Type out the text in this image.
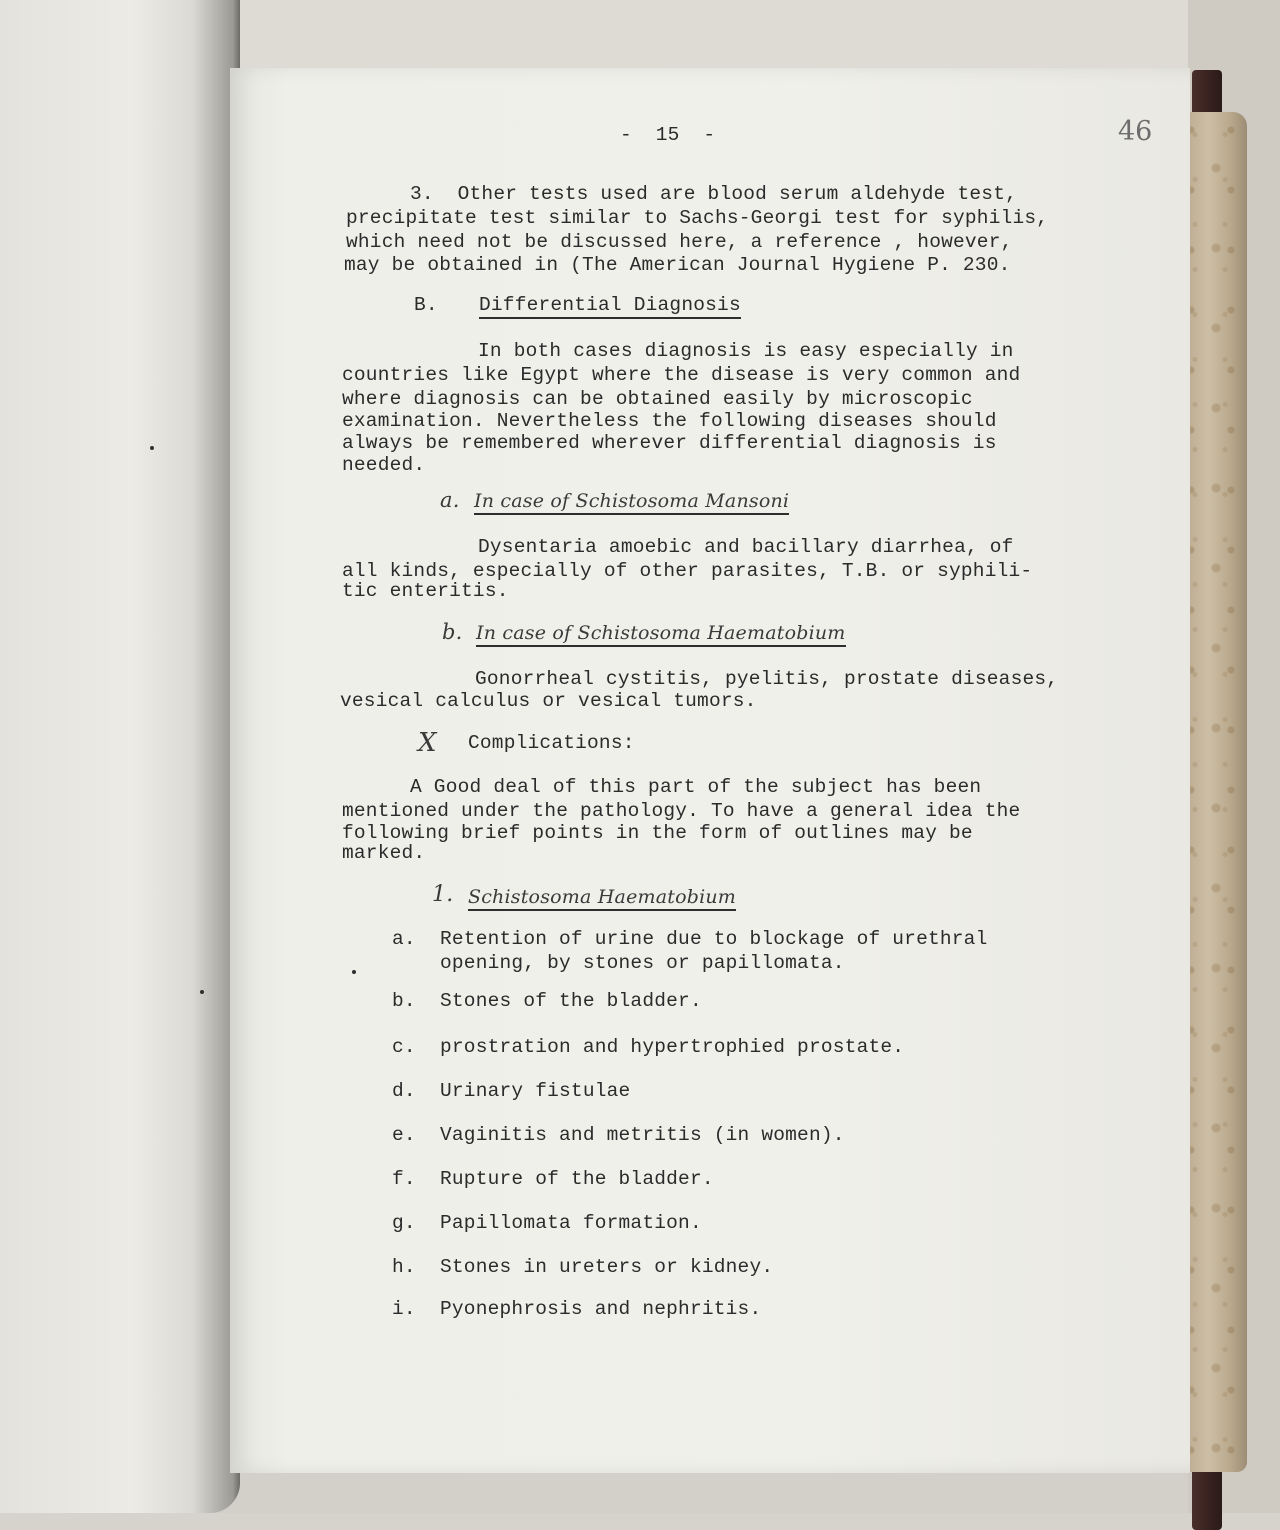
46
-  15  -
3.  Other tests used are blood serum aldehyde test,
precipitate test similar to Sachs-Georgi test for syphilis,
which need not be discussed here, a reference , however,
may be obtained in (The American Journal Hygiene P. 230.
B. Differential Diagnosis
In both cases diagnosis is easy especially in
countries like Egypt where the disease is very common and
where diagnosis can be obtained easily by microscopic
examination. Nevertheless the following diseases should
always be remembered wherever differential diagnosis is
needed.
a. In case of Schistosoma Mansoni
Dysentaria amoebic and bacillary diarrhea, of
all kinds, especially of other parasites, T.B. or syphili-
tic enteritis.
b. In case of Schistosoma Haematobium
Gonorrheal cystitis, pyelitis, prostate diseases,
vesical calculus or vesical tumors.
X Complications:
A Good deal of this part of the subject has been
mentioned under the pathology. To have a general idea the
following brief points in the form of outlines may be
marked.
1. Schistosoma Haematobium
a. Retention of urine due to blockage of urethral
opening, by stones or papillomata.
b. Stones of the bladder.
c. prostration and hypertrophied prostate.
d. Urinary fistulae
e. Vaginitis and metritis (in women).
f. Rupture of the bladder.
g. Papillomata formation.
h. Stones in ureters or kidney.
i. Pyonephrosis and nephritis.
